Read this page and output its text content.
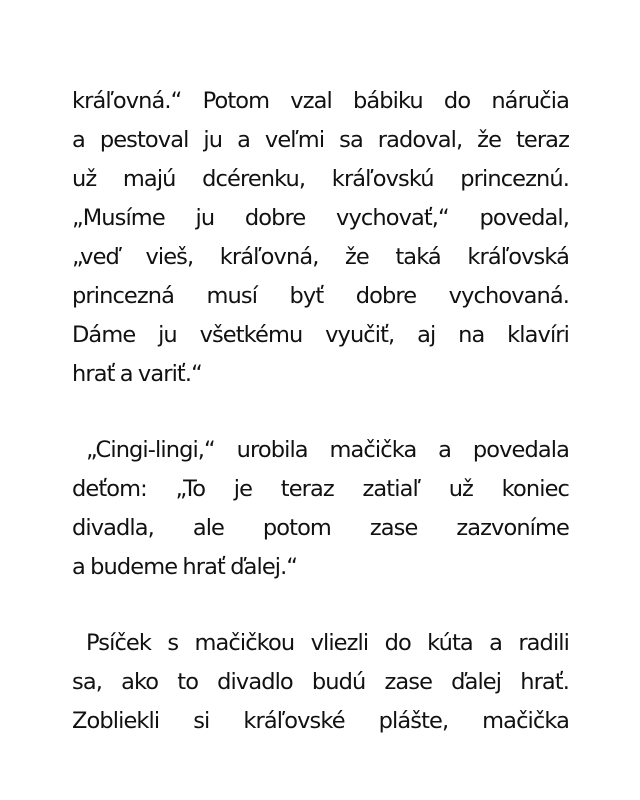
kráľovná.“ Potom vzal bábiku do náručia
a pestoval ju a veľmi sa radoval, že teraz
už majú dcérenku, kráľovskú princeznú.
„Musíme ju dobre vychovať,“ povedal,
„veď vieš, kráľovná, že taká kráľovská
princezná musí byť dobre vychovaná.
Dáme ju všetkému vyučiť, aj na klavíri
hrať a variť.“
„Cingi-lingi,“ urobila mačička a povedala
deťom: „To je teraz zatiaľ už koniec
divadla, ale potom zase zazvoníme
a budeme hrať ďalej.“
Psíček s mačičkou vliezli do kúta a radili
sa, ako to divadlo budú zase ďalej hrať.
Zobliekli si kráľovské plášte, mačička
